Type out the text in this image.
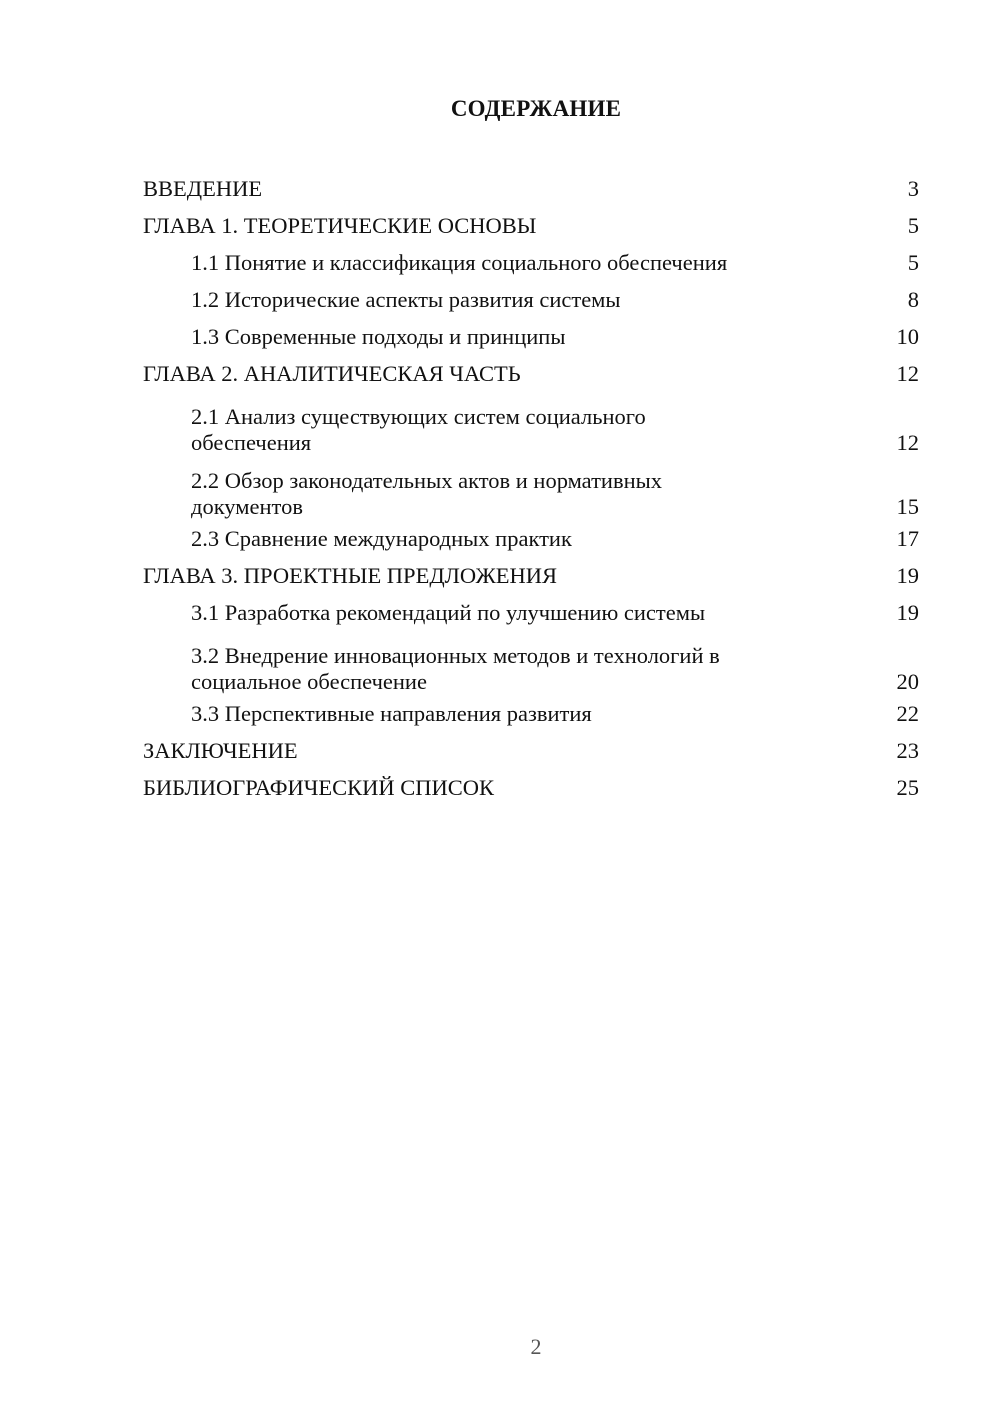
СОДЕРЖАНИЕ
ВВЕДЕНИЕ	3
ГЛАВА 1. ТЕОРЕТИЧЕСКИЕ ОСНОВЫ	5
1.1 Понятие и классификация социального обеспечения	5
1.2 Исторические аспекты развития системы	8
1.3 Современные подходы и принципы	10
ГЛАВА 2. АНАЛИТИЧЕСКАЯ ЧАСТЬ	12
2.1 Анализ существующих систем социального обеспечения	12
2.2 Обзор законодательных актов и нормативных документов	15
2.3 Сравнение международных практик	17
ГЛАВА 3. ПРОЕКТНЫЕ ПРЕДЛОЖЕНИЯ	19
3.1 Разработка рекомендаций по улучшению системы	19
3.2 Внедрение инновационных методов и технологий в социальное обеспечение	20
3.3 Перспективные направления развития	22
ЗАКЛЮЧЕНИЕ	23
БИБЛИОГРАФИЧЕСКИЙ СПИСОК	25
2
